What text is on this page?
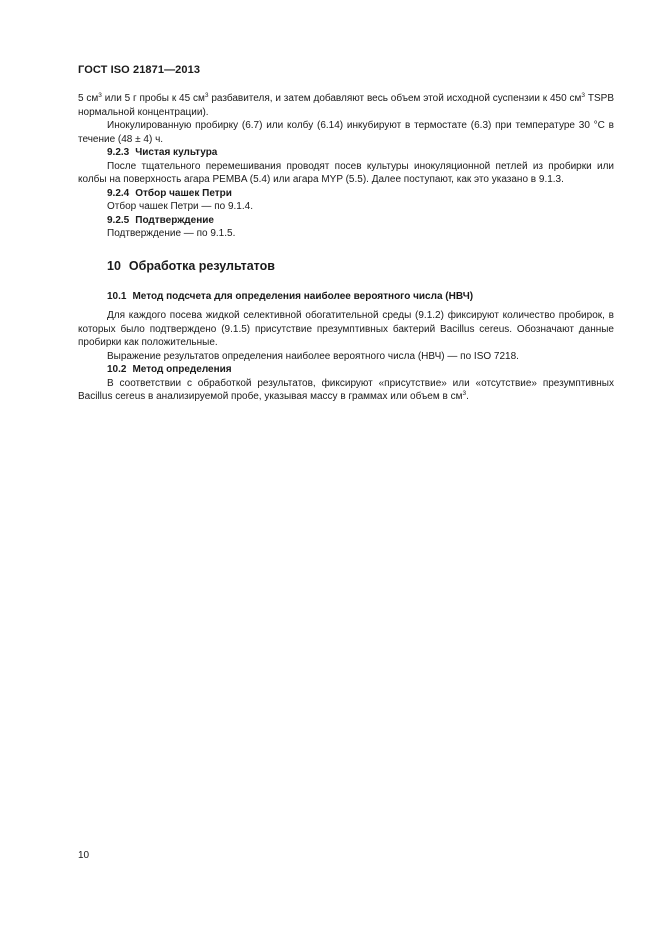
ГОСТ ISO 21871—2013

5 $см^3$ или 5 г пробы к 45 $см^3$ разбавителя, и затем добавляют весь объем этой исходной суспензии к 450 $см^3$ TSPB нормальной концентрации).

Инокулированную пробирку (6.7) или колбу (6.14) инкубируют в термостате (6.3) при температуре 30 °С в течение (48 ± 4) ч.

9.2.3 Чистая культура

После тщательного перемешивания проводят посев культуры инокуляционной петлей из пробирки или колбы на поверхность агара PEMBA (5.4) или агара MYP (5.5). Далее поступают, как это указано в 9.1.3.

9.2.4 Отбор чашек Петри

Отбор чашек Петри — по 9.1.4.

9.2.5 Подтверждение

Подтверждение — по 9.1.5.

10 Обработка результатов

10.1 Метод подсчета для определения наиболее вероятного числа (НВЧ)

Для каждого посева жидкой селективной обогатительной среды (9.1.2) фиксируют количество пробирок, в которых было подтверждено (9.1.5) присутствие презумптивных бактерий Bacillus cereus. Обозначают данные пробирки как положительные.

Выражение результатов определения наиболее вероятного числа (НВЧ) — по ISO 7218.

10.2 Метод определения

В соответствии с обработкой результатов, фиксируют «присутствие» или «отсутствие» презумптивных Bacillus cereus в анализируемой пробе, указывая массу в граммах или объем в $см^3$.

10
